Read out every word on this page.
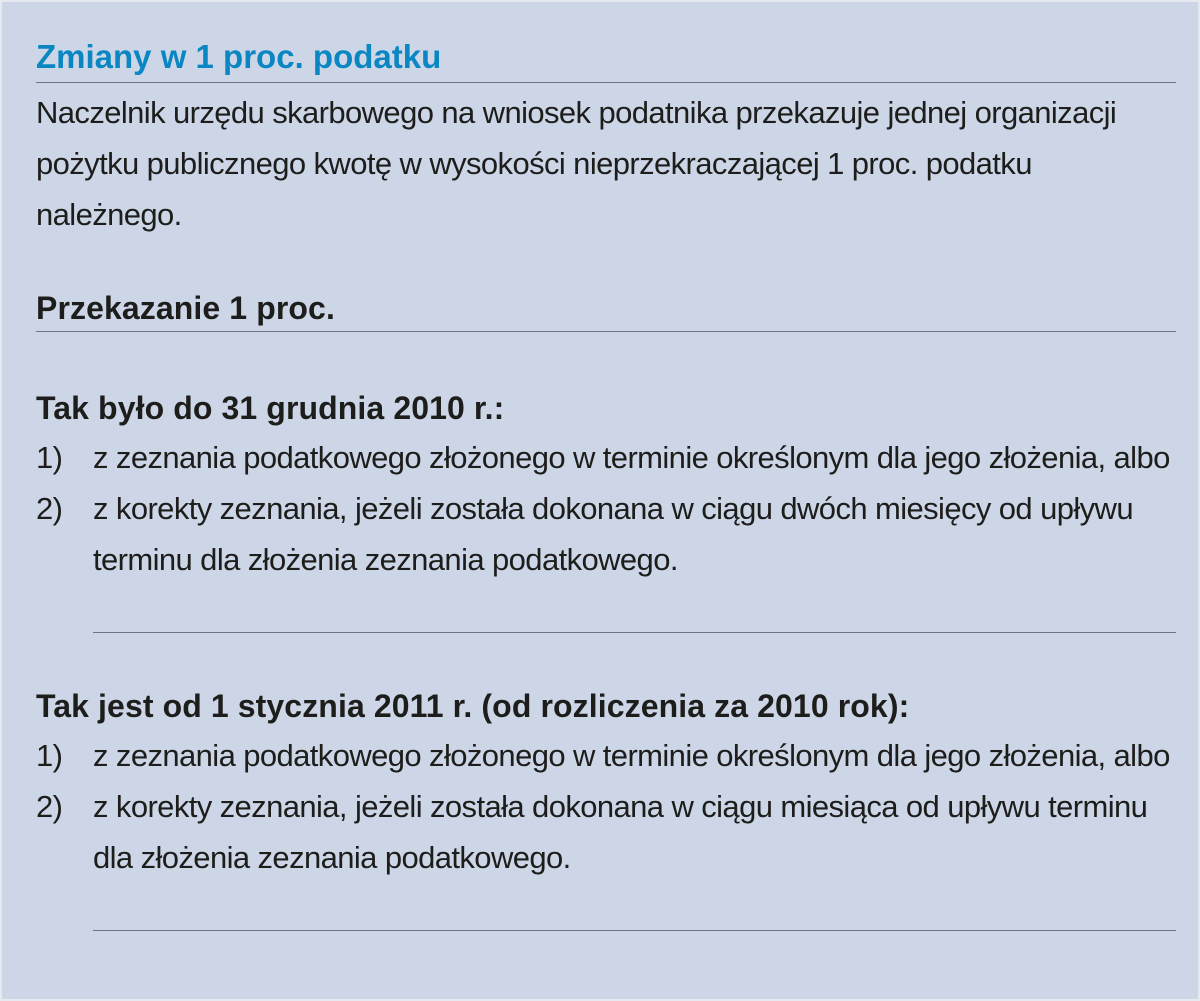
Zmiany w 1 proc. podatku

Naczelnik urzędu skarbowego na wniosek podatnika przekazuje jednej organizacji pożytku publicznego kwotę w wysokości nieprzekraczającej 1 proc. podatku należnego.

Przekazanie 1 proc.
Tak było do 31 grudnia 2010 r.:
1) z zeznania podatkowego złożonego w terminie określonym dla jego złożenia, albo
2) z korekty zeznania, jeżeli została dokonana w ciągu dwóch miesięcy od upływu terminu dla złożenia zeznania podatkowego.
Tak jest od 1 stycznia 2011 r. (od rozliczenia za 2010 rok):
1) z zeznania podatkowego złożonego w terminie określonym dla jego złożenia, albo
2) z korekty zeznania, jeżeli została dokonana w ciągu miesiąca od upływu terminu dla złożenia zeznania podatkowego.
